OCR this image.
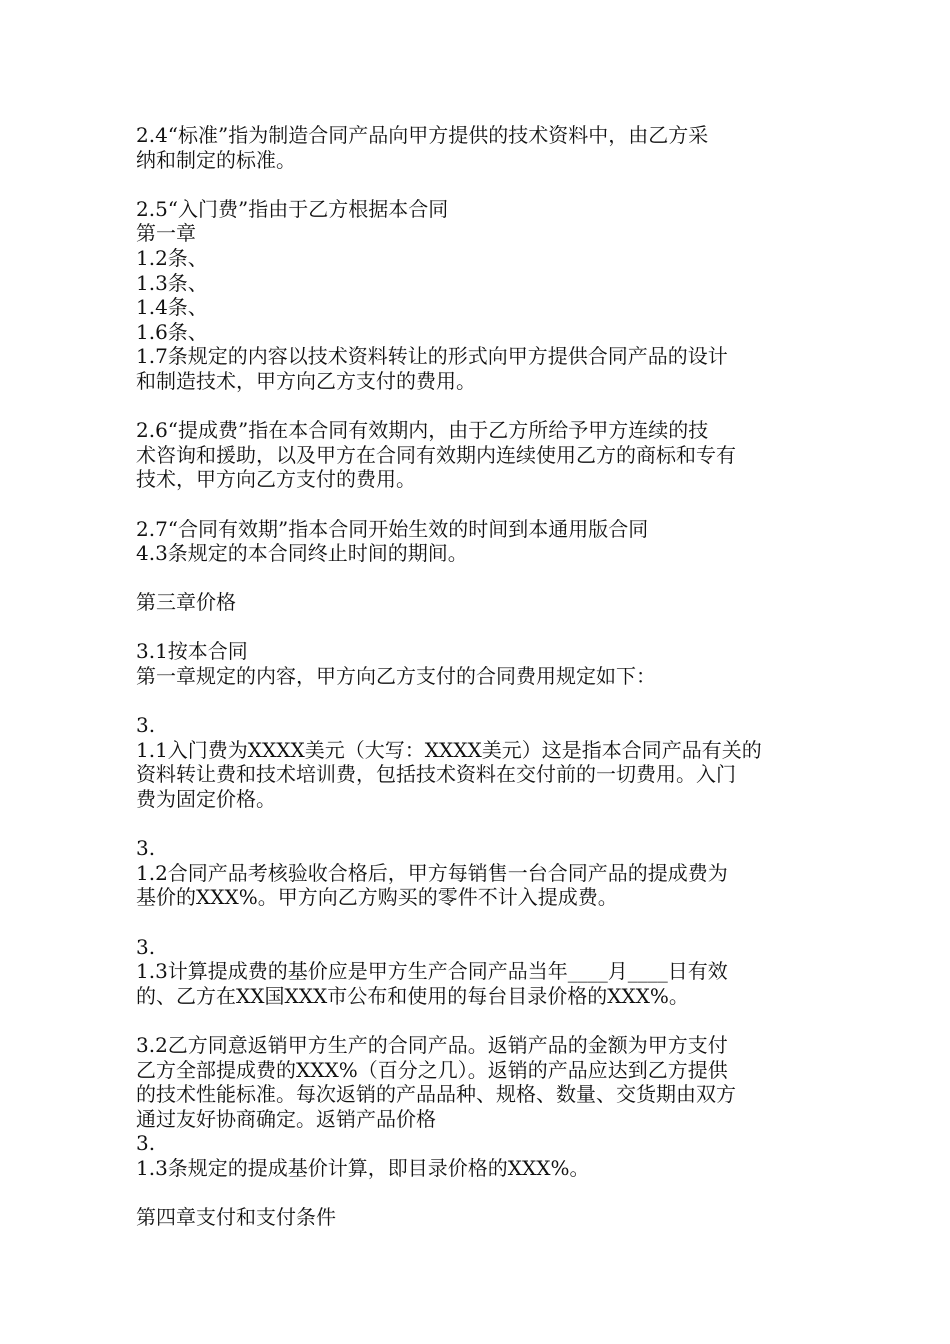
2.4“标准”指为制造合同产品向甲方提供的技术资料中，由乙方采
纳和制定的标准。
2.5“入门费”指由于乙方根据本合同
第一章
1.2条、
1.3条、
1.4条、
1.6条、
1.7条规定的内容以技术资料转让的形式向甲方提供合同产品的设计
和制造技术，甲方向乙方支付的费用。
2.6“提成费”指在本合同有效期内，由于乙方所给予甲方连续的技
术咨询和援助，以及甲方在合同有效期内连续使用乙方的商标和专有
技术，甲方向乙方支付的费用。
2.7“合同有效期”指本合同开始生效的时间到本通用版合同
4.3条规定的本合同终止时间的期间。
第三章价格
3.1按本合同
第一章规定的内容，甲方向乙方支付的合同费用规定如下：
3.
1.1入门费为XXXX美元（大写：XXXX美元）这是指本合同产品有关的
资料转让费和技术培训费，包括技术资料在交付前的一切费用。入门
费为固定价格。
3.
1.2合同产品考核验收合格后，甲方每销售一台合同产品的提成费为
基价的XXX%。甲方向乙方购买的零件不计入提成费。
3.
1.3计算提成费的基价应是甲方生产合同产品当年____月____日有效
的、乙方在XX国XXX市公布和使用的每台目录价格的XXX%。
3.2乙方同意返销甲方生产的合同产品。返销产品的金额为甲方支付
乙方全部提成费的XXX%（百分之几）。返销的产品应达到乙方提供
的技术性能标准。每次返销的产品品种、规格、数量、交货期由双方
通过友好协商确定。返销产品价格
3.
1.3条规定的提成基价计算，即目录价格的XXX%。
第四章支付和支付条件
